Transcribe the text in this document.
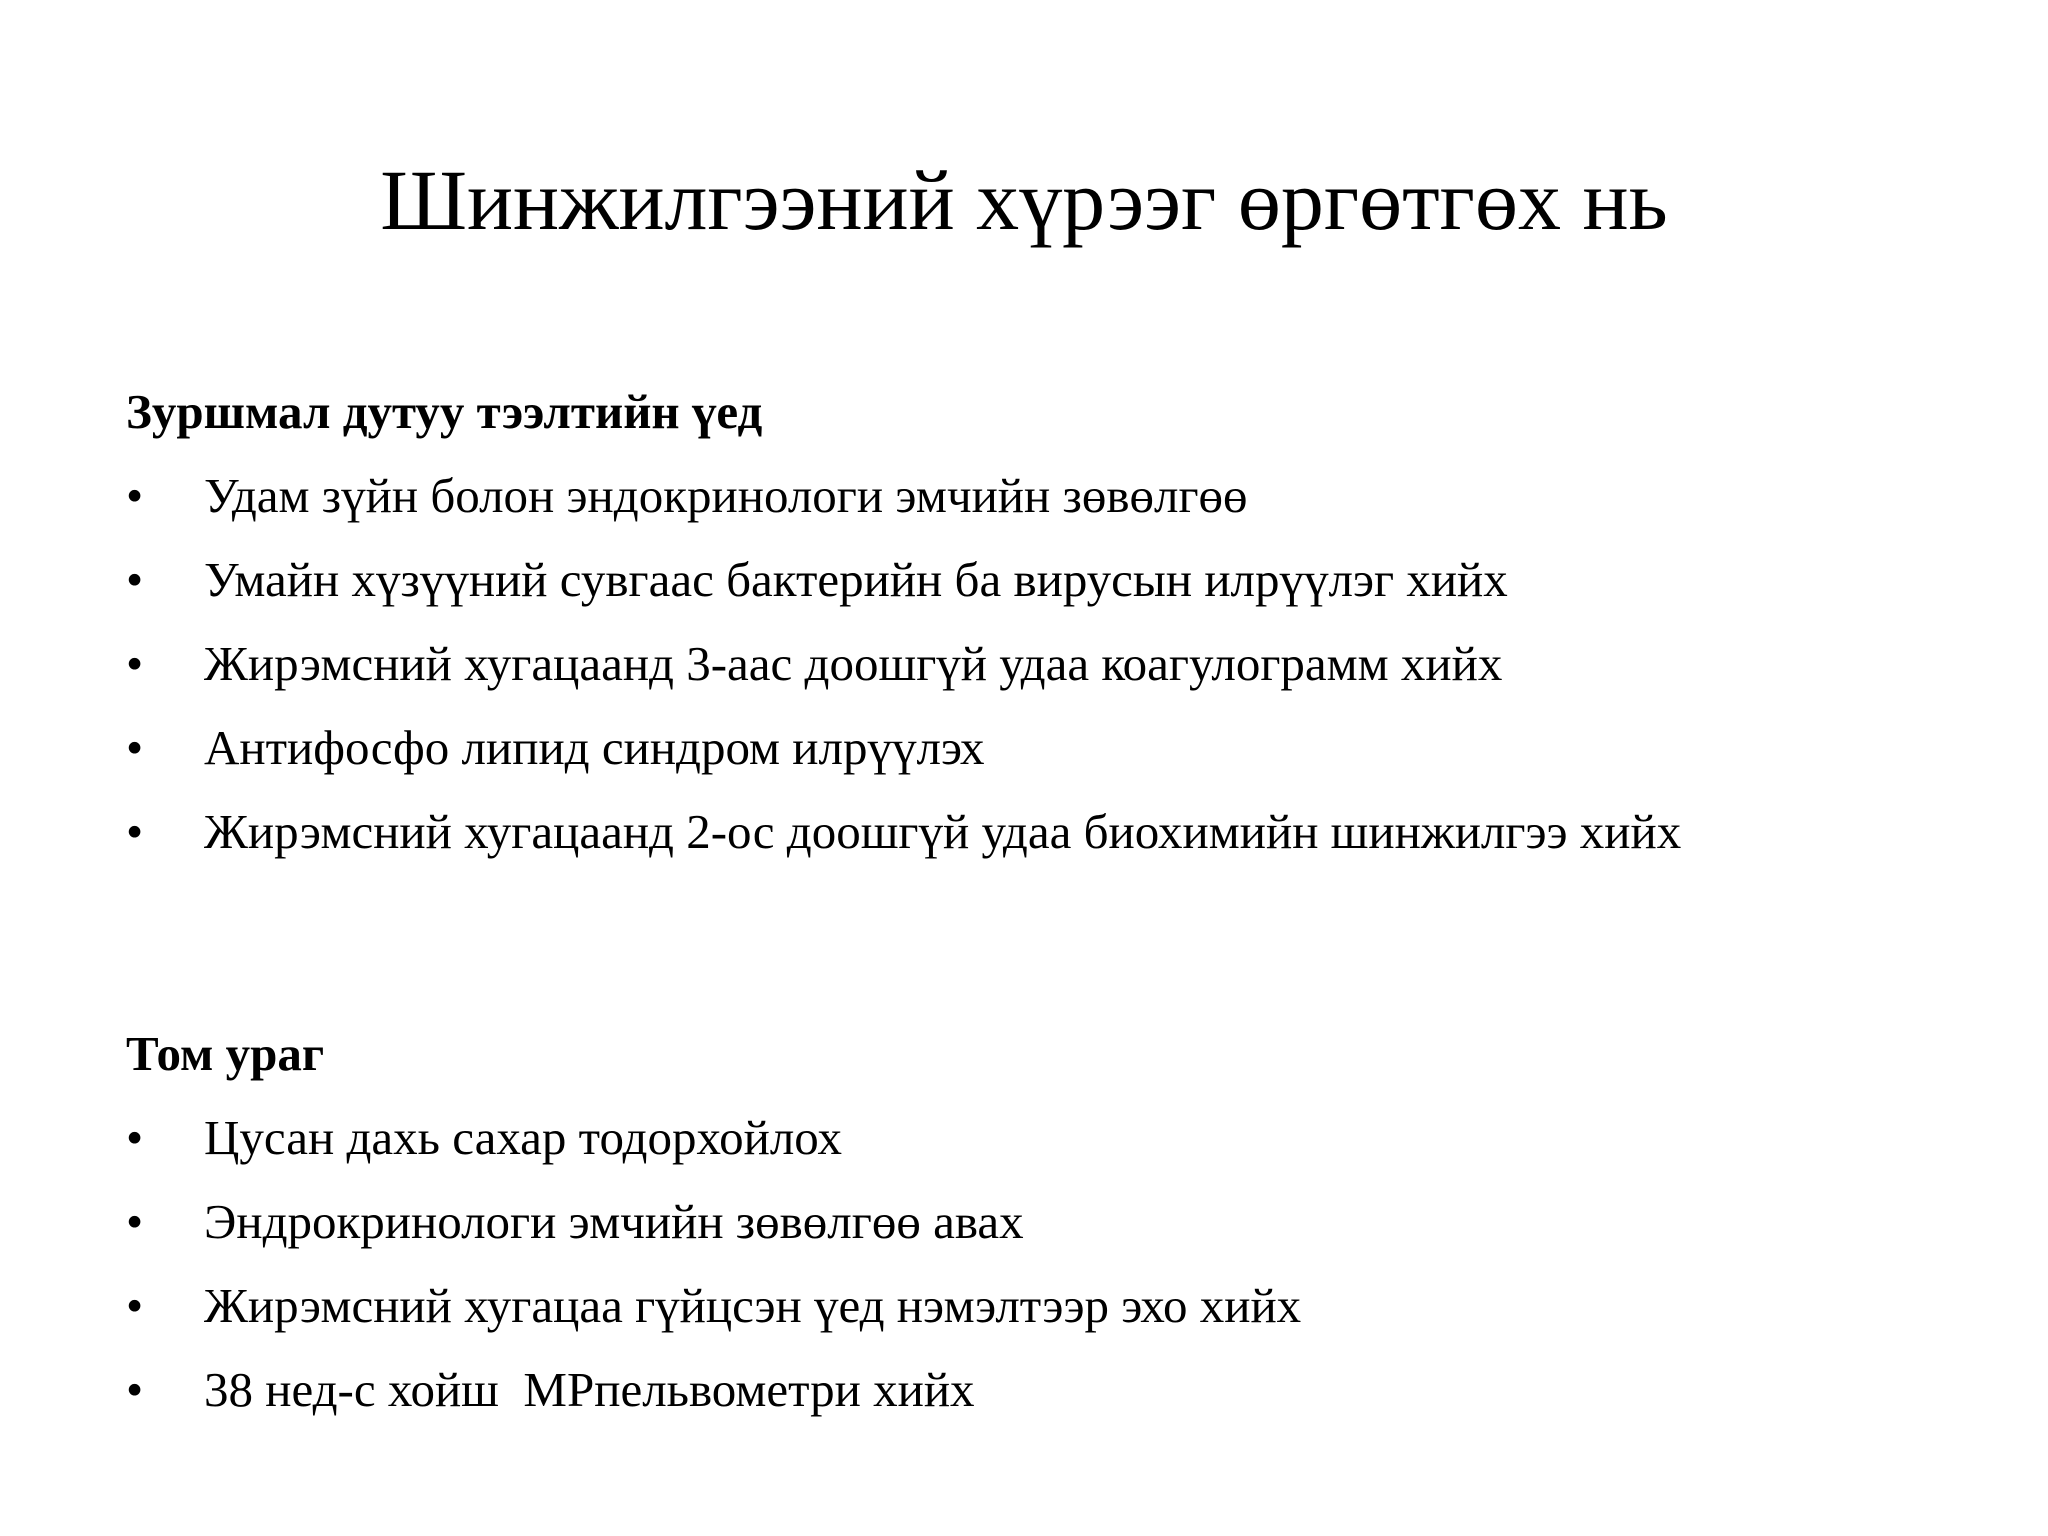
Шинжилгээний хүрээг өргөтгөх нь
Зуршмал дутуу тээлтийн үед
•	Удам зүйн болон эндокринологи эмчийн зөвөлгөө
•	Умайн хүзүүний сувгаас бактерийн ба вирусын илрүүлэг хийх
•	Жирэмсний хугацаанд 3-аас доошгүй удаа коагулограмм хийх
•	Антифосфо липид синдром илрүүлэх
•	Жирэмсний хугацаанд 2-ос доошгүй удаа биохимийн шинжилгээ хийх
Том ураг
•	Цусан дахь сахар тодорхойлох
•	Эндрокринологи эмчийн зөвөлгөө авах
•	Жирэмсний хугацаа гүйцсэн үед нэмэлтээр эхо хийх
•	38 нед-с хойш  МРпельвометри хийх
